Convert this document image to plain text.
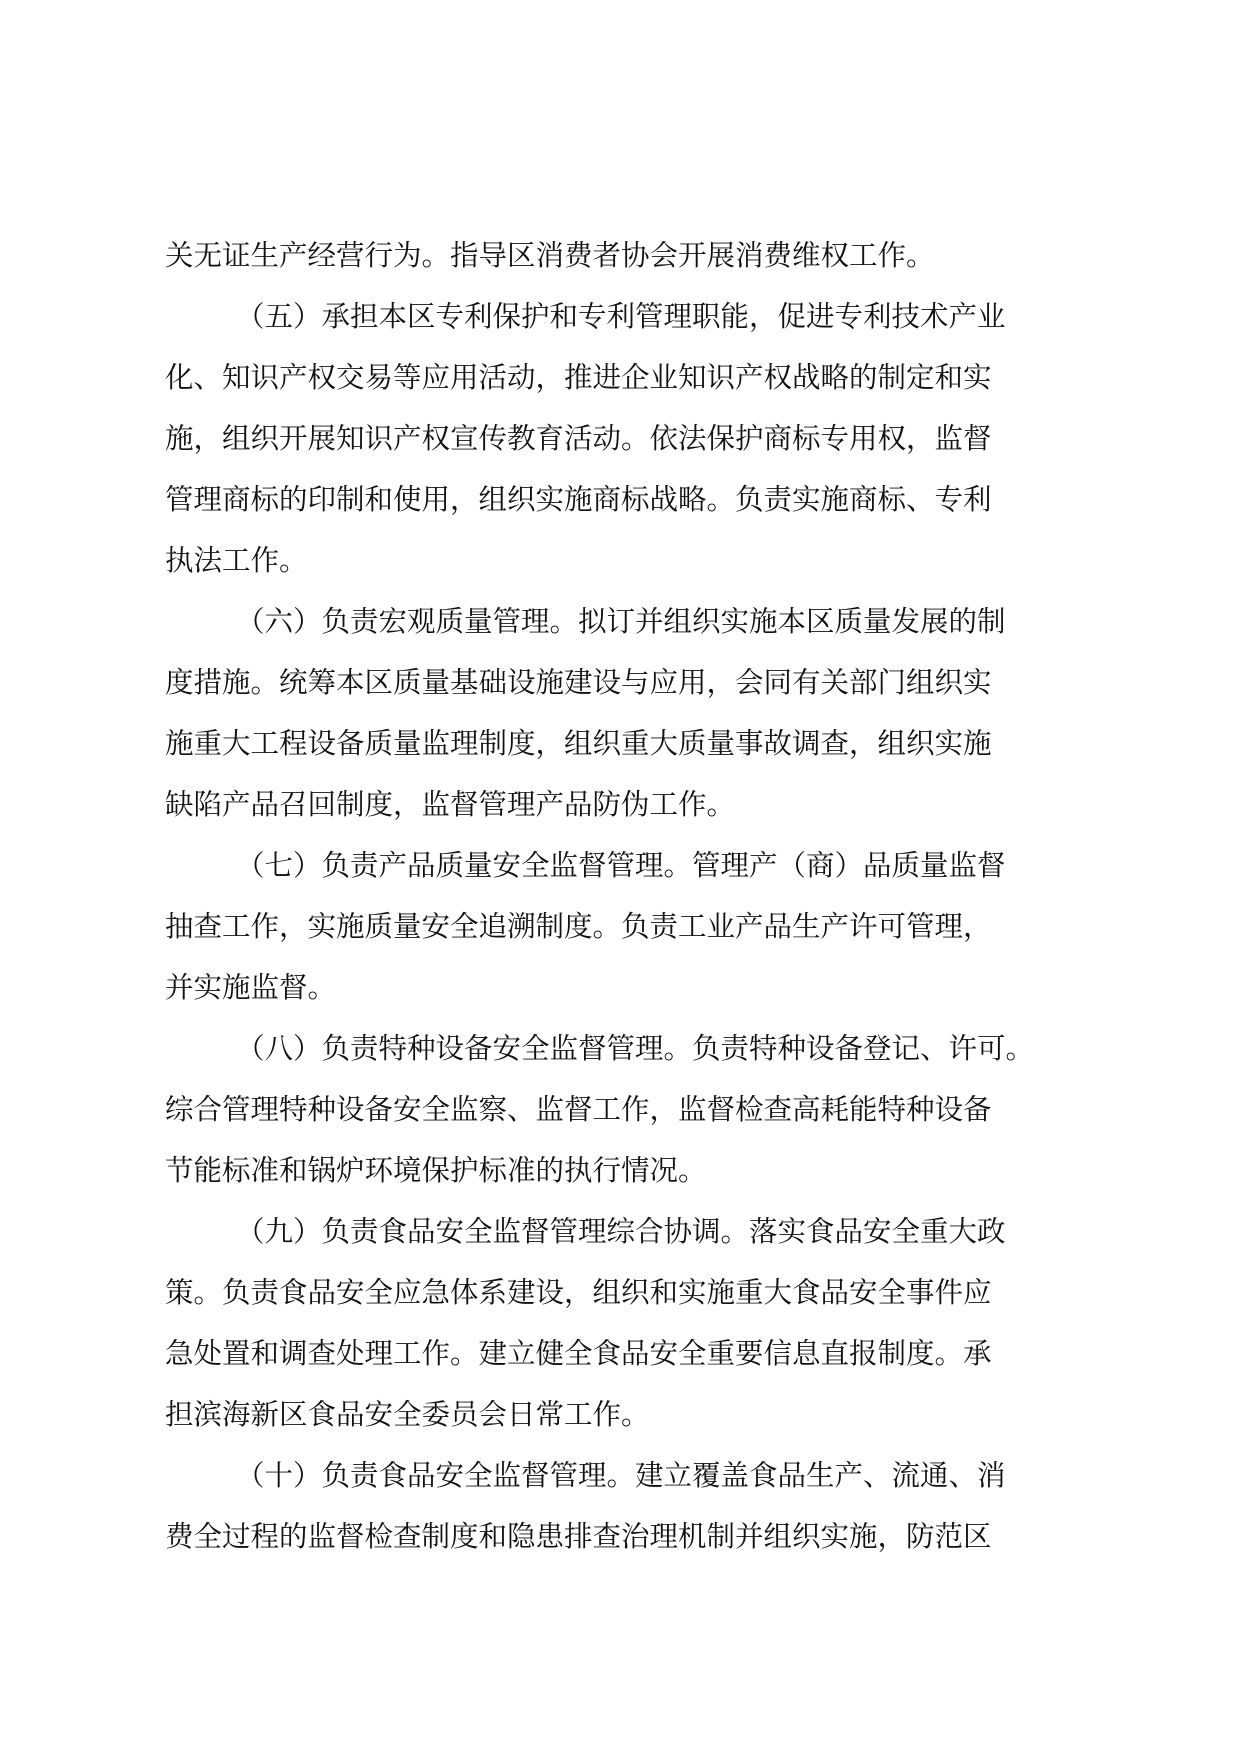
关无证生产经营行为。指导区消费者协会开展消费维权工作。
（五）承担本区专利保护和专利管理职能，促进专利技术产业
化、知识产权交易等应用活动，推进企业知识产权战略的制定和实
施，组织开展知识产权宣传教育活动。依法保护商标专用权，监督
管理商标的印制和使用，组织实施商标战略。负责实施商标、专利
执法工作。
（六）负责宏观质量管理。拟订并组织实施本区质量发展的制
度措施。统筹本区质量基础设施建设与应用，会同有关部门组织实
施重大工程设备质量监理制度，组织重大质量事故调查，组织实施
缺陷产品召回制度，监督管理产品防伪工作。
（七）负责产品质量安全监督管理。管理产（商）品质量监督
抽查工作，实施质量安全追溯制度。负责工业产品生产许可管理，
并实施监督。
（八）负责特种设备安全监督管理。负责特种设备登记、许可。
综合管理特种设备安全监察、监督工作，监督检查高耗能特种设备
节能标准和锅炉环境保护标准的执行情况。
（九）负责食品安全监督管理综合协调。落实食品安全重大政
策。负责食品安全应急体系建设，组织和实施重大食品安全事件应
急处置和调查处理工作。建立健全食品安全重要信息直报制度。承
担滨海新区食品安全委员会日常工作。
（十）负责食品安全监督管理。建立覆盖食品生产、流通、消
费全过程的监督检查制度和隐患排查治理机制并组织实施，防范区
